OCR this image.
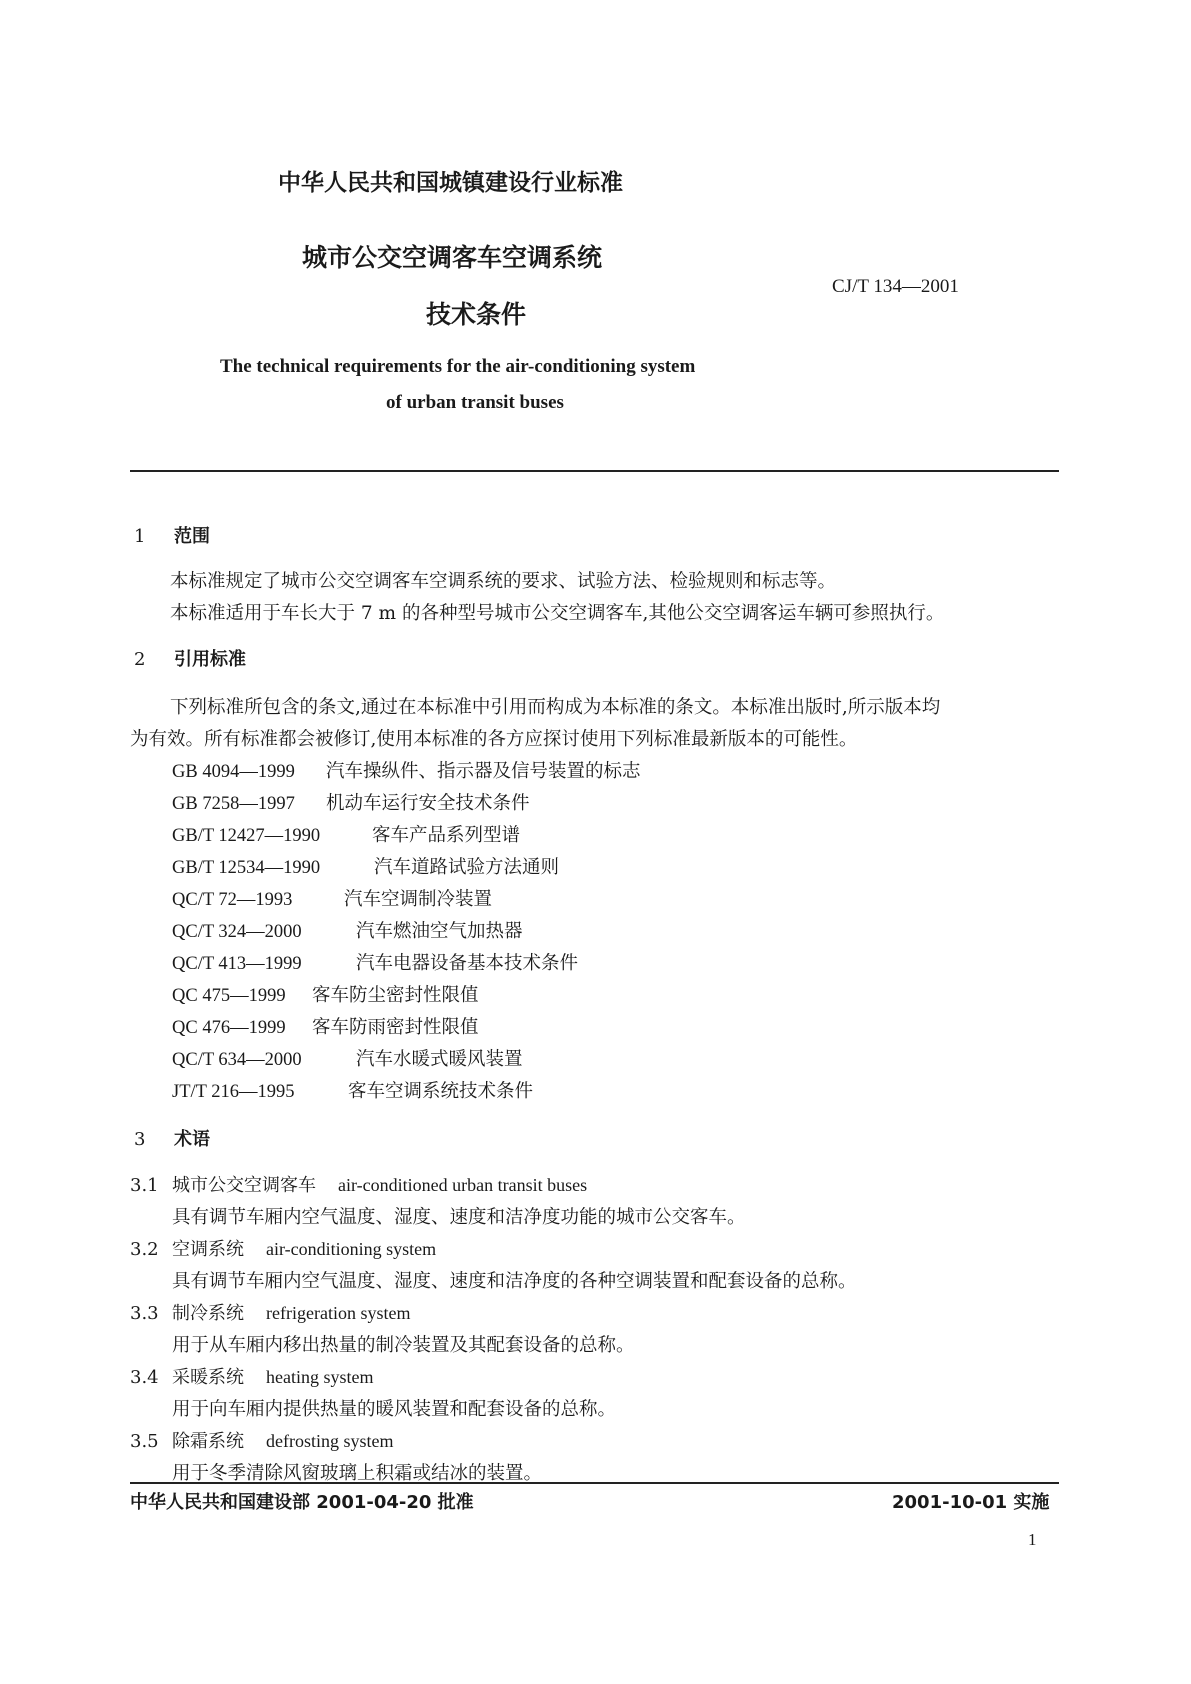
中华人民共和国城镇建设行业标准
城市公交空调客车空调系统
技术条件
CJ/T 134—2001
The technical requirements for the air-conditioning system
of urban transit buses
1 范围
本标准规定了城市公交空调客车空调系统的要求、试验方法、检验规则和标志等。
本标准适用于车长大于 7 m 的各种型号城市公交空调客车,其他公交空调客运车辆可参照执行。
2 引用标准
下列标准所包含的条文,通过在本标准中引用而构成为本标准的条文。本标准出版时,所示版本均
为有效。所有标准都会被修订,使用本标准的各方应探讨使用下列标准最新版本的可能性。
GB 4094—1999 汽车操纵件、指示器及信号装置的标志
GB 7258—1997 机动车运行安全技术条件
GB/T 12427—1990	客车产品系列型谱
GB/T 12534—1990	汽车道路试验方法通则
QC/T 72—1993	汽车空调制冷装置
QC/T 324—2000	汽车燃油空气加热器
QC/T 413—1999	汽车电器设备基本技术条件
QC 475—1999 客车防尘密封性限值
QC 476—1999 客车防雨密封性限值
QC/T 634—2000	汽车水暖式暖风装置
JT/T 216—1995	客车空调系统技术条件
3 术语
3.1 城市公交空调客车 air-conditioned urban transit buses
具有调节车厢内空气温度、湿度、速度和洁净度功能的城市公交客车。
3.2 空调系统 air-conditioning system
具有调节车厢内空气温度、湿度、速度和洁净度的各种空调装置和配套设备的总称。
3.3 制冷系统 refrigeration system
用于从车厢内移出热量的制冷装置及其配套设备的总称。
3.4 采暖系统 heating system
用于向车厢内提供热量的暖风装置和配套设备的总称。
3.5 除霜系统 defrosting system
用于冬季清除风窗玻璃上积霜或结冰的装置。
中华人民共和国建设部 2001-04-20 批准	2001-10-01 实施
1
